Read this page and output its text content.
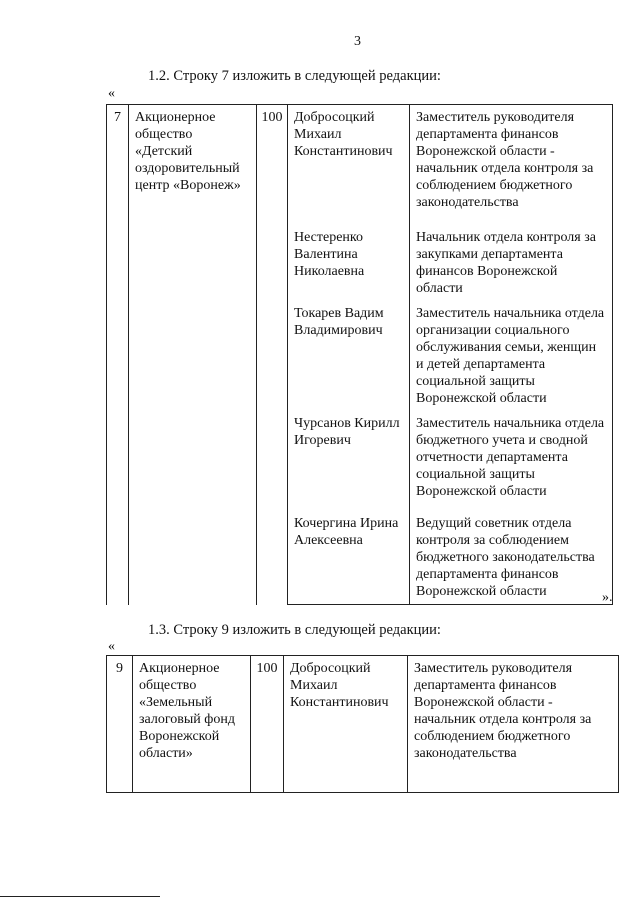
3
1.2. Строку 7 изложить в следующей редакции:
«
7	Акционерное общество «Детский оздоровительный центр «Воронеж»	100	Добросоцкий Михаил Константинович	Заместитель руководителя департамента финансов Воронежской области - начальник отдела контроля за соблюдением бюджетного законодательства
			Нестеренко Валентина Николаевна	Начальник отдела контроля за закупками департамента финансов Воронежской области
			Токарев Вадим Владимирович	Заместитель начальника отдела организации социального обслуживания семьи, женщин и детей департамента социальной защиты Воронежской области
			Чурсанов Кирилл Игоревич	Заместитель начальника отдела бюджетного учета и сводной отчетности департамента социальной защиты Воронежской области
			Кочергина Ирина Алексеевна	Ведущий советник отдела контроля за соблюдением бюджетного законодательства департамента финансов Воронежской области	».
1.3. Строку 9 изложить в следующей редакции:
«
9	Акционерное общество «Земельный залоговый фонд Воронежской области»	100	Добросоцкий Михаил Константинович	Заместитель руководителя департамента финансов Воронежской области - начальник отдела контроля за соблюдением бюджетного законодательства
